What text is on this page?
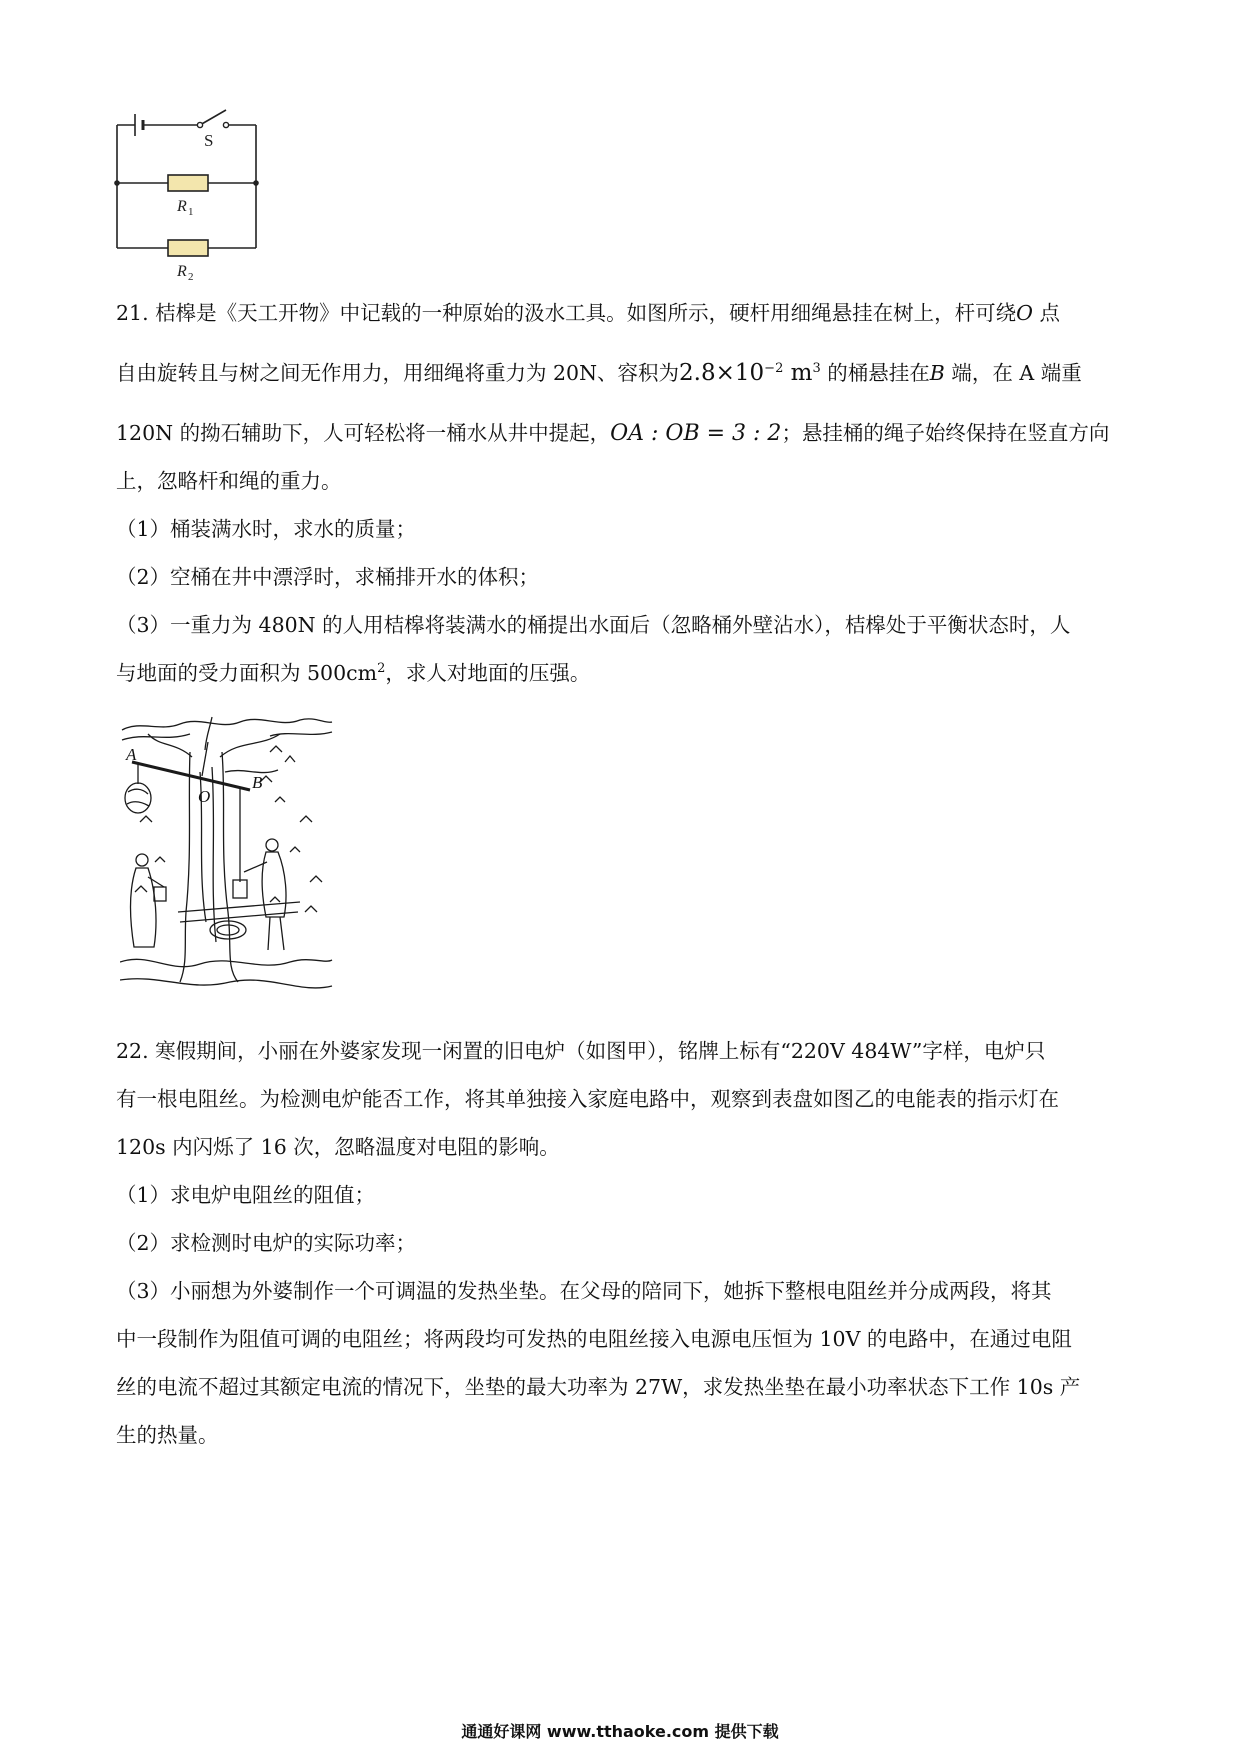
S
R 1
R 2
21. 桔槔是《天工开物》中记载的一种原始的汲水工具。如图所示，硬杆用细绳悬挂在树上，杆可绕O 点
自由旋转且与树之间无作用力，用细绳将重力为 20N、容积为$2.8\times 10^{-2}$ $m^3$ 的桶悬挂在B 端，在 A 端重
120N 的拗石辅助下，人可轻松将一桶水从井中提起，OA : OB = 3 : 2；悬挂桶的绳子始终保持在竖直方向
上，忽略杆和绳的重力。
（1）桶装满水时，求水的质量；
（2）空桶在井中漂浮时，求桶排开水的体积；
（3）一重力为 480N 的人用桔槔将装满水的桶提出水面后（忽略桶外壁沾水），桔槔处于平衡状态时，人
与地面的受力面积为 $500cm^2$，求人对地面的压强。
A
O
B
22. 寒假期间，小丽在外婆家发现一闲置的旧电炉（如图甲），铭牌上标有“220V 484W”字样，电炉只
有一根电阻丝。为检测电炉能否工作，将其单独接入家庭电路中，观察到表盘如图乙的电能表的指示灯在
120s 内闪烁了 16 次，忽略温度对电阻的影响。
（1）求电炉电阻丝的阻值；
（2）求检测时电炉的实际功率；
（3）小丽想为外婆制作一个可调温的发热坐垫。在父母的陪同下，她拆下整根电阻丝并分成两段，将其
中一段制作为阻值可调的电阻丝；将两段均可发热的电阻丝接入电源电压恒为 10V 的电路中，在通过电阻
丝的电流不超过其额定电流的情况下，坐垫的最大功率为 27W，求发热坐垫在最小功率状态下工作 10s 产
生的热量。
通通好课网 www.tthaoke.com 提供下载
